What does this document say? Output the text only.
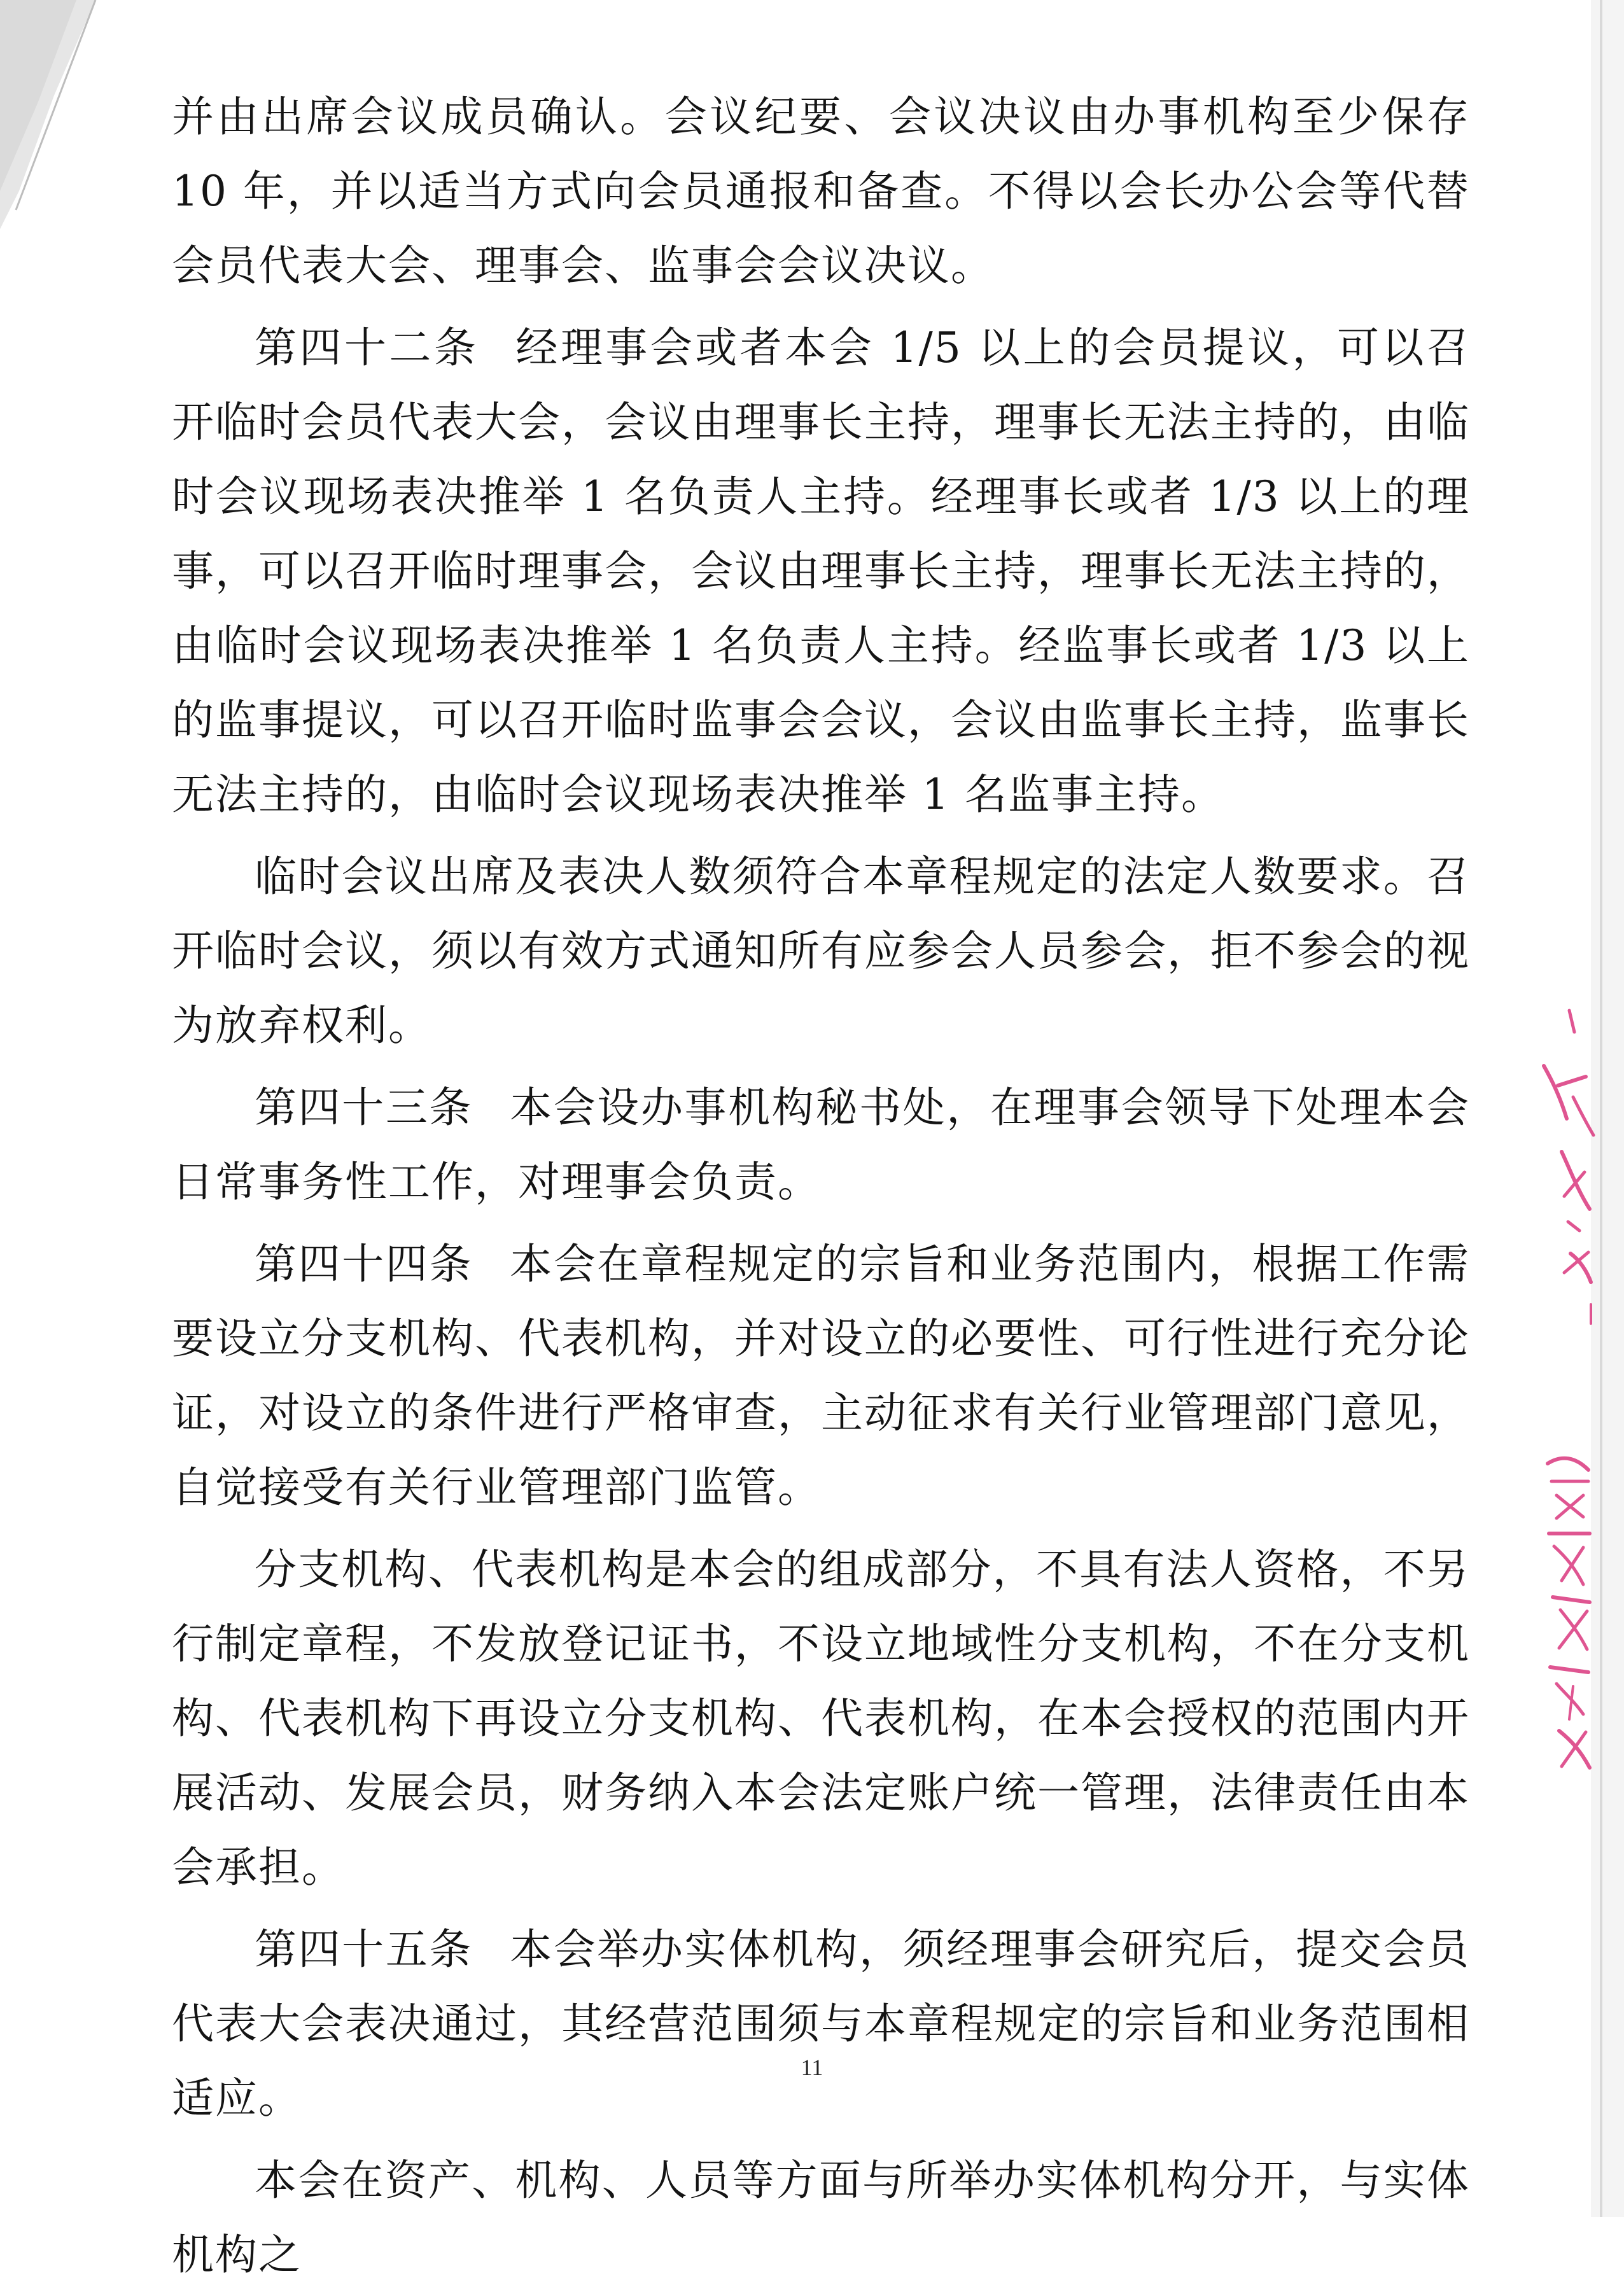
并由出席会议成员确认。会议纪要、会议决议由办事机构至少保存 10 年，并以适当方式向会员通报和备查。不得以会长办公会等代替会员代表大会、理事会、监事会会议决议。

第四十二条 经理事会或者本会 1/5 以上的会员提议，可以召开临时会员代表大会，会议由理事长主持，理事长无法主持的，由临时会议现场表决推举 1 名负责人主持。经理事长或者 1/3 以上的理事，可以召开临时理事会，会议由理事长主持，理事长无法主持的，由临时会议现场表决推举 1 名负责人主持。经监事长或者 1/3 以上的监事提议，可以召开临时监事会会议，会议由监事长主持，监事长无法主持的，由临时会议现场表决推举 1 名监事主持。

临时会议出席及表决人数须符合本章程规定的法定人数要求。召开临时会议，须以有效方式通知所有应参会人员参会，拒不参会的视为放弃权利。

第四十三条 本会设办事机构秘书处，在理事会领导下处理本会日常事务性工作，对理事会负责。

第四十四条 本会在章程规定的宗旨和业务范围内，根据工作需要设立分支机构、代表机构，并对设立的必要性、可行性进行充分论证，对设立的条件进行严格审查，主动征求有关行业管理部门意见，自觉接受有关行业管理部门监管。

分支机构、代表机构是本会的组成部分，不具有法人资格，不另行制定章程，不发放登记证书，不设立地域性分支机构，不在分支机构、代表机构下再设立分支机构、代表机构，在本会授权的范围内开展活动、发展会员，财务纳入本会法定账户统一管理，法律责任由本会承担。

第四十五条 本会举办实体机构，须经理事会研究后，提交会员代表大会表决通过，其经营范围须与本章程规定的宗旨和业务范围相适应。

本会在资产、机构、人员等方面与所举办实体机构分开，与实体机构之

11
